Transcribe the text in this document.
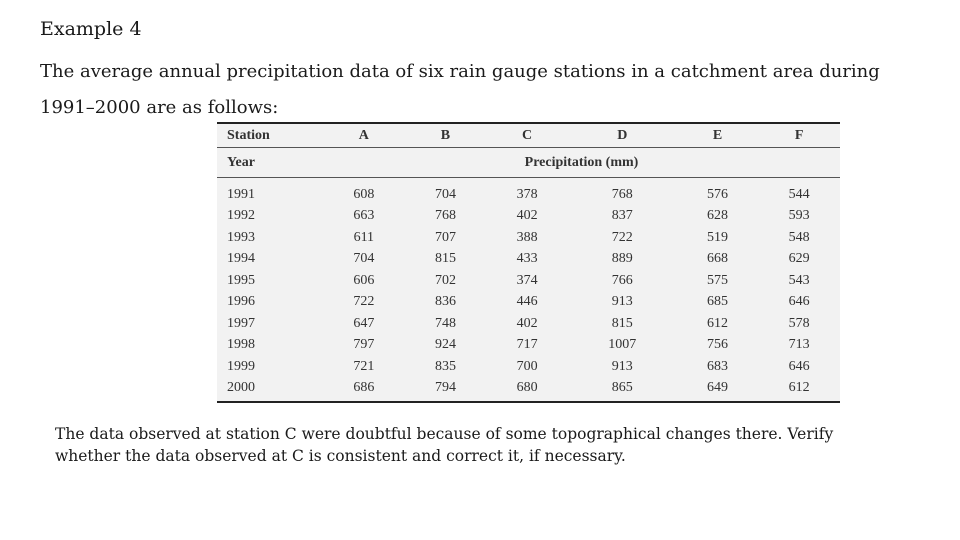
Example 4
The average annual precipitation data of six rain gauge stations in a catchment area during 1991–2000 are as follows:
Station	A	B	C	D	E	F
Year	Precipitation (mm)					

1991	608	704	378	768	576	544
1992	663	768	402	837	628	593
1993	611	707	388	722	519	548
1994	704	815	433	889	668	629
1995	606	702	374	766	575	543
1996	722	836	446	913	685	646
1997	647	748	402	815	612	578
1998	797	924	717	1007	756	713
1999	721	835	700	913	683	646
2000	686	794	680	865	649	612
The data observed at station C were doubtful because of some topographical changes there. Verify whether the data observed at C is consistent and correct it, if necessary.
